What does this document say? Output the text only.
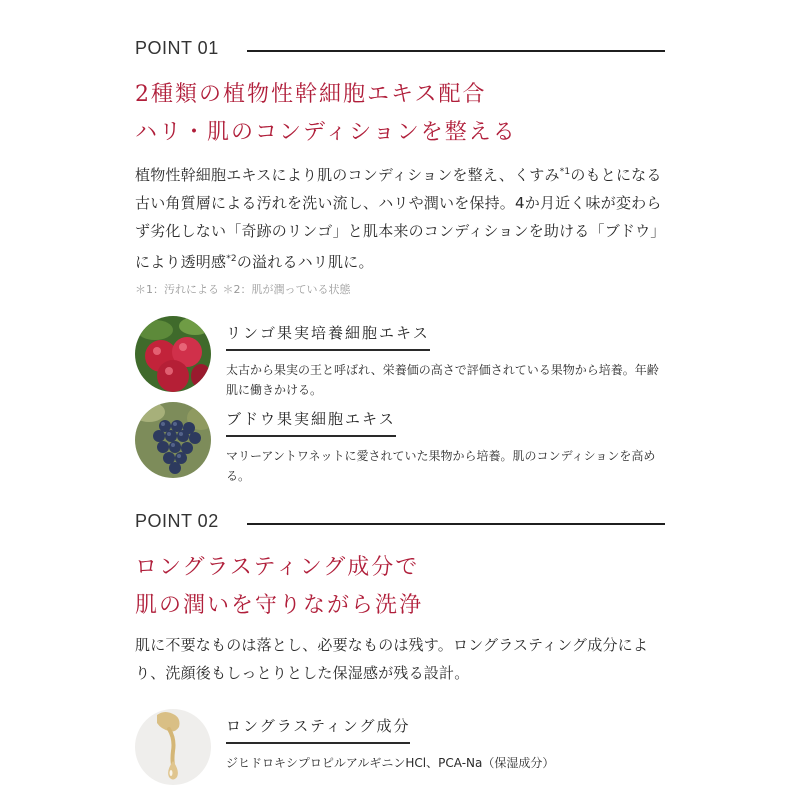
POINT 01

2種類の植物性幹細胞エキス配合

ハリ・肌のコンディションを整える

植物性幹細胞エキスにより肌のコンディションを整え、くすみ$^{*1}$のもとになる古い角質層による汚れを洗い流し、ハリや潤いを保持。4か月近く味が変わらず劣化しない「奇跡のリンゴ」と肌本来のコンディションを助ける「ブドウ」により透明感$^{*2}$の溢れるハリ肌に。

＊1：汚れによる ＊2：肌が潤っている状態
リンゴ果実培養細胞エキス
太古から果実の王と呼ばれ、栄養価の高さで評価されている果物から培養。年齢肌に働きかける。
ブドウ果実細胞エキス
マリーアントワネットに愛されていた果物から培養。肌のコンディションを高める。
POINT 02

ロングラスティング成分で

肌の潤いを守りながら洗浄

肌に不要なものは落とし、必要なものは残す。ロングラスティング成分により、洗顔後もしっとりとした保湿感が残る設計。

ロングラスティング成分
ジヒドロキシプロピルアルギニンHCl、PCA-Na（保湿成分）
